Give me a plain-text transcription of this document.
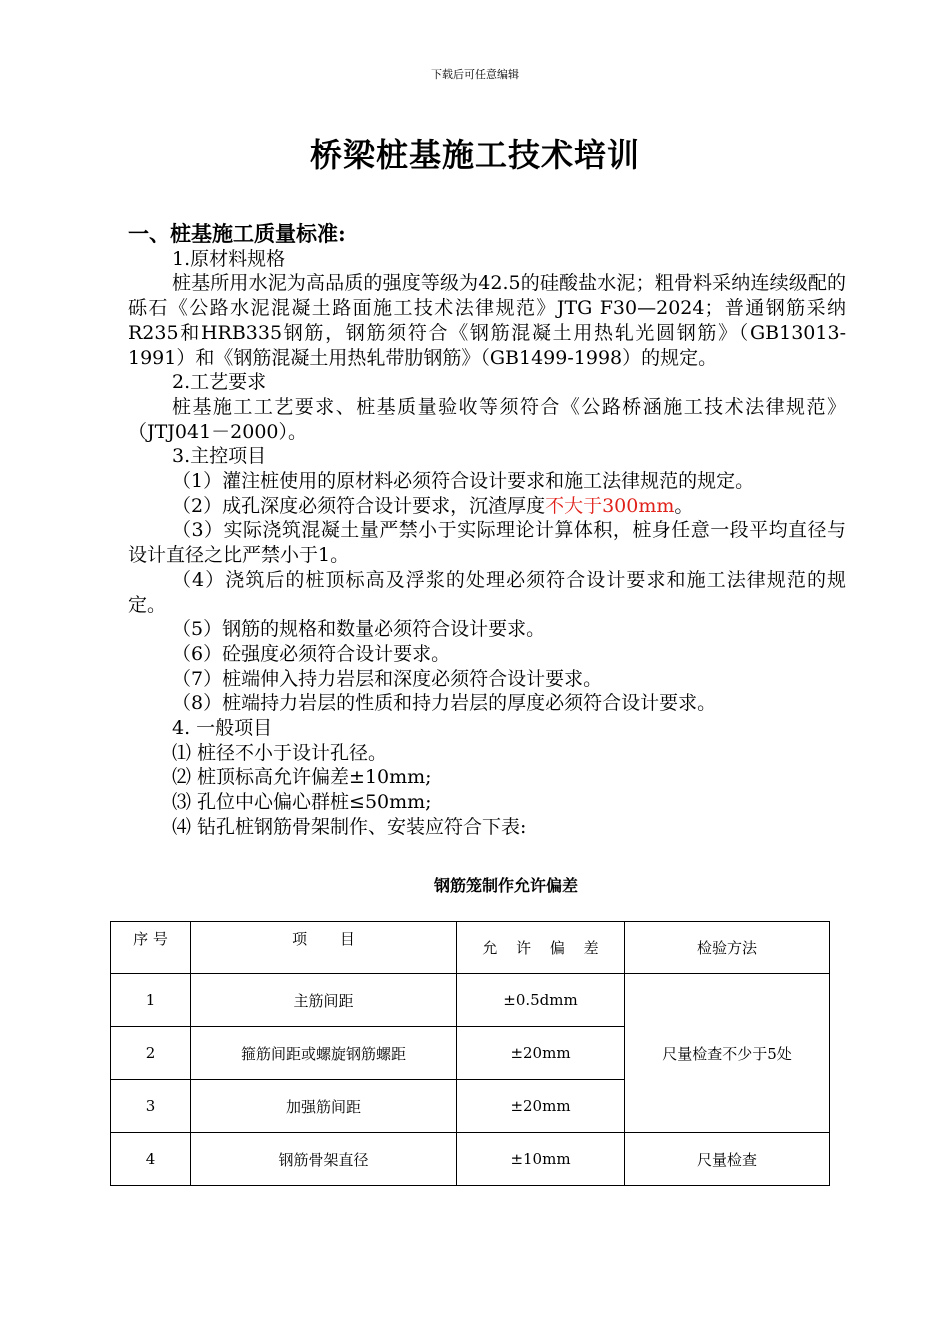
下载后可任意编辑
桥梁桩基施工技术培训

一、桩基施工质量标准:

1.原材料规格

桩基所用水泥为高品质的强度等级为42.5的硅酸盐水泥；粗骨料采纳连续级配的砾石《公路水泥混凝土路面施工技术法律规范》JTG F30—2024；普通钢筋采纳R235和HRB335钢筋，钢筋须符合《钢筋混凝土用热轧光圆钢筋》（GB13013-1991）和《钢筋混凝土用热轧带肋钢筋》（GB1499-1998）的规定。

2.工艺要求

桩基施工工艺要求、桩基质量验收等须符合《公路桥涵施工技术法律规范》（JTJ041－2000）。

3.主控项目

（1）灌注桩使用的原材料必须符合设计要求和施工法律规范的规定。

（2）成孔深度必须符合设计要求，沉渣厚度不大于300mm。

（3）实际浇筑混凝土量严禁小于实际理论计算体积，桩身任意一段平均直径与设计直径之比严禁小于1。

（4）浇筑后的桩顶标高及浮浆的处理必须符合设计要求和施工法律规范的规定。

（5）钢筋的规格和数量必须符合设计要求。

（6）砼强度必须符合设计要求。

（7）桩端伸入持力岩层和深度必须符合设计要求。

（8）桩端持力岩层的性质和持力岩层的厚度必须符合设计要求。

4. 一般项目

⑴ 桩径不小于设计孔径。

⑵ 桩顶标高允许偏差±10mm;

⑶ 孔位中心偏心群桩≤50mm;

⑷ 钻孔桩钢筋骨架制作、安装应符合下表:

钢筋笼制作允许偏差
序 号	项 目	允 许 偏 差	检验方法
1	主筋间距	±0.5dmm	尺量检查不少于5处
2	箍筋间距或螺旋钢筋螺距	±20mm	
3	加强筋间距	±20mm	
4	钢筋骨架直径	±10mm	尺量检查
